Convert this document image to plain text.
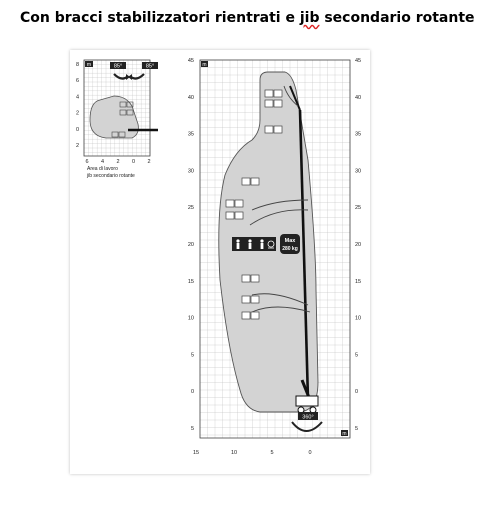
Con bracci stabilizzatori rientrati e jib secondario rotante
m	85°	85°
8
6
4
2
0
2
6 4 2 0 2
Area di lavoro
jib secondario rotante
m
m
Max
280 kg
360°
45
40
35
30
25
20
15
10
5
0
5
45
40
35
30
25
20
15
10
5
0
5
15	10	5	0
